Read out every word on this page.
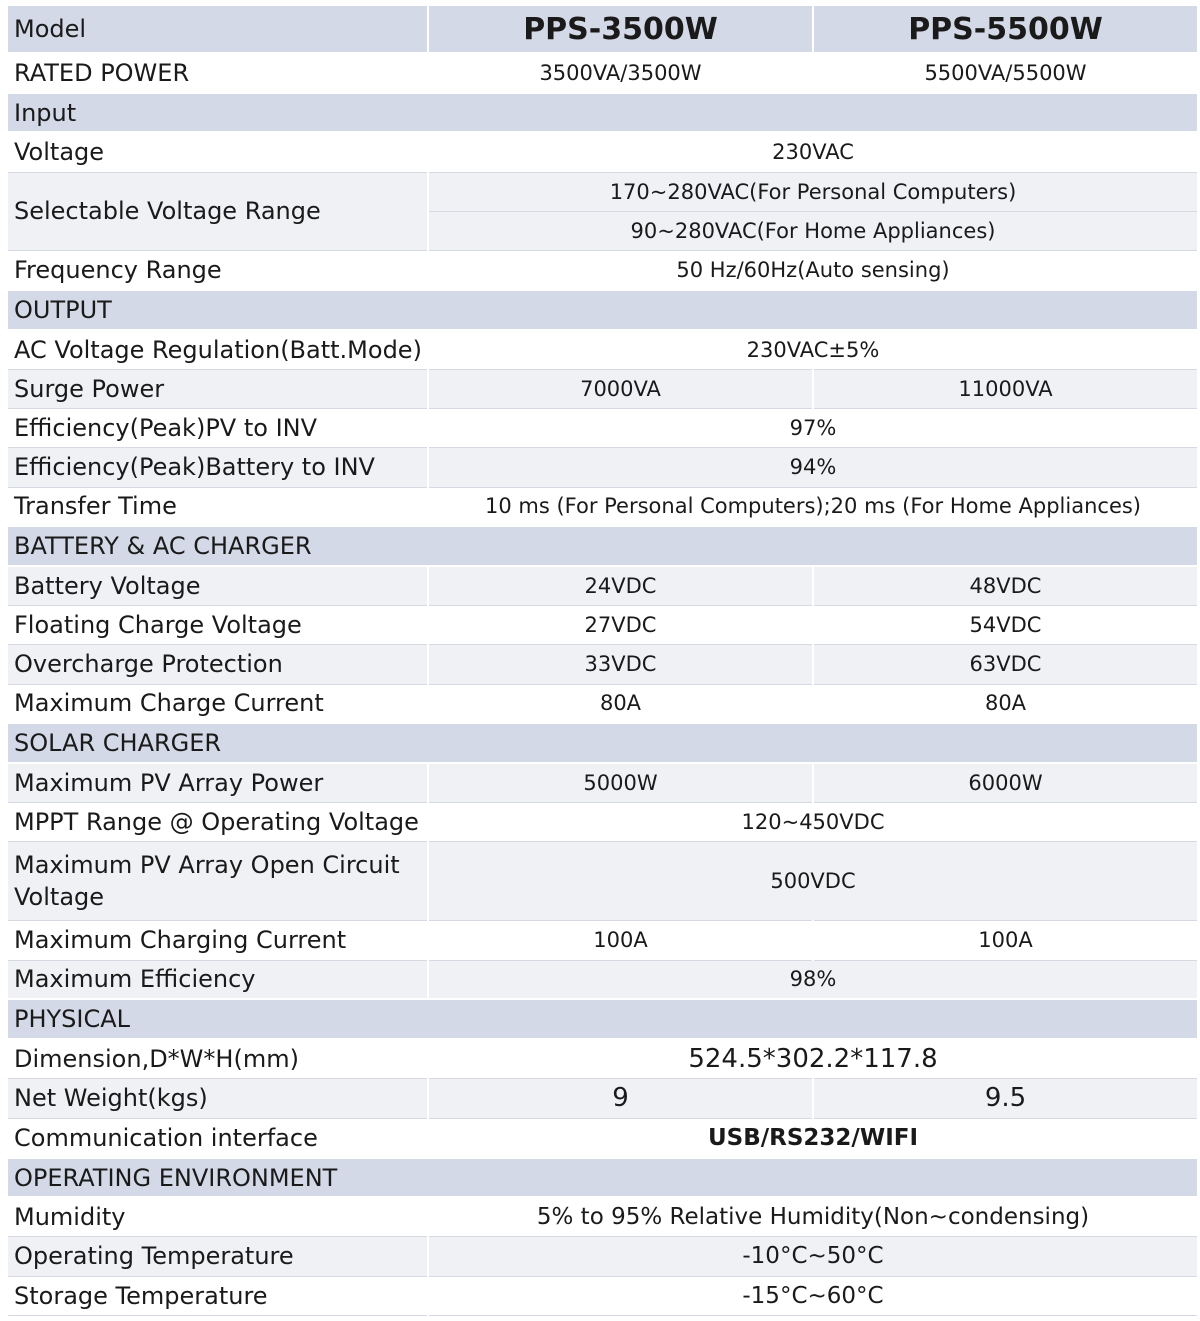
Model	PPS-3500W	PPS-5500W
RATED POWER	3500VA/3500W	5500VA/5500W
Input		
Voltage	230VAC	
Selectable Voltage Range	170~280VAC(For Personal Computers)	
	90~280VAC(For Home Appliances)	
Frequency Range	50 Hz/60Hz(Auto sensing)	
OUTPUT		
AC Voltage Regulation(Batt.Mode)	230VAC±5%	
Surge Power	7000VA	11000VA
Efficiency(Peak)PV to INV	97%	
Efficiency(Peak)Battery to INV	94%	
Transfer Time	10 ms (For Personal Computers);20 ms (For Home Appliances)	
BATTERY & AC CHARGER		
Battery Voltage	24VDC	48VDC
Floating Charge Voltage	27VDC	54VDC
Overcharge Protection	33VDC	63VDC
Maximum Charge Current	80A	80A
SOLAR CHARGER		
Maximum PV Array Power	5000W	6000W
MPPT Range @ Operating Voltage	120~450VDC	
Maximum PV Array Open Circuit Voltage	500VDC	
Maximum Charging Current	100A	100A
Maximum Efficiency	98%	
PHYSICAL		
Dimension,D*W*H(mm)	524.5*302.2*117.8	
Net Weight(kgs)	9	9.5
Communication interface	USB/RS232/WIFI	
OPERATING ENVIRONMENT		
Mumidity	5% to 95% Relative Humidity(Non~condensing)	
Operating Temperature	-10°C~50°C	
Storage Temperature	-15°C~60°C	
